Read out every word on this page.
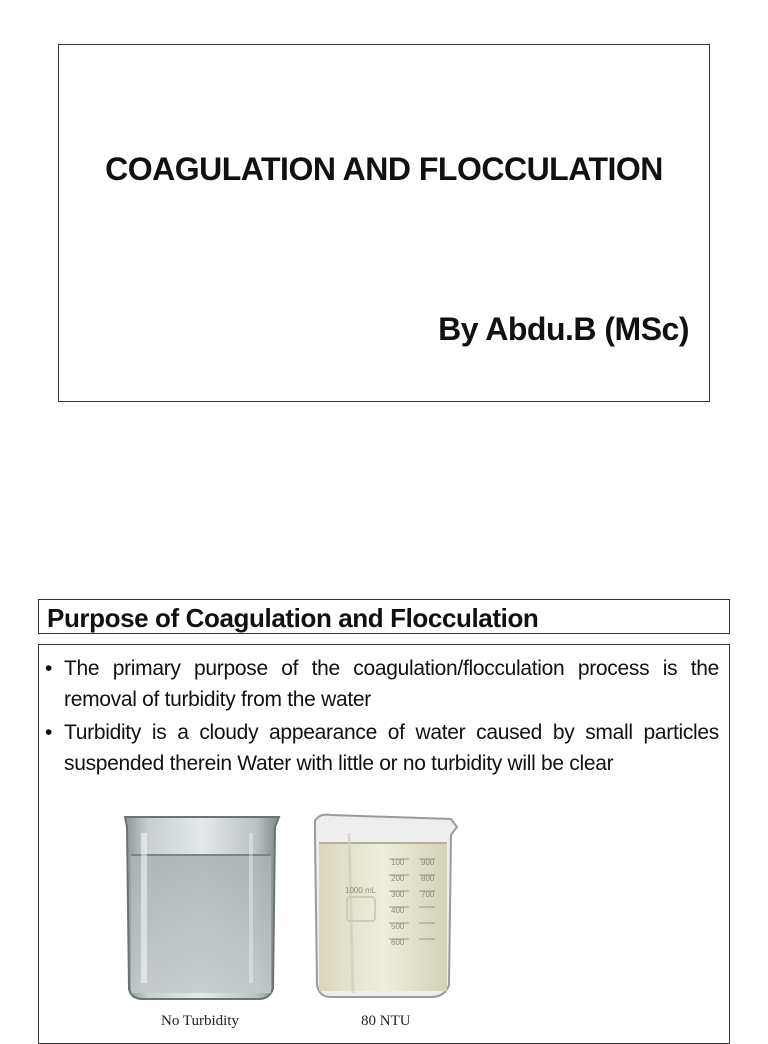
COAGULATION AND FLOCCULATION
By Abdu.B (MSc)
Purpose of Coagulation and Flocculation
• The primary purpose of the coagulation/flocculation process is the removal of turbidity from the water
• Turbidity is a cloudy appearance of water caused by small particles suspended therein Water with little or no turbidity will be clear
1000 mL
100
200
300
400
500
600
900
800
700
No Turbidity	80 NTU
